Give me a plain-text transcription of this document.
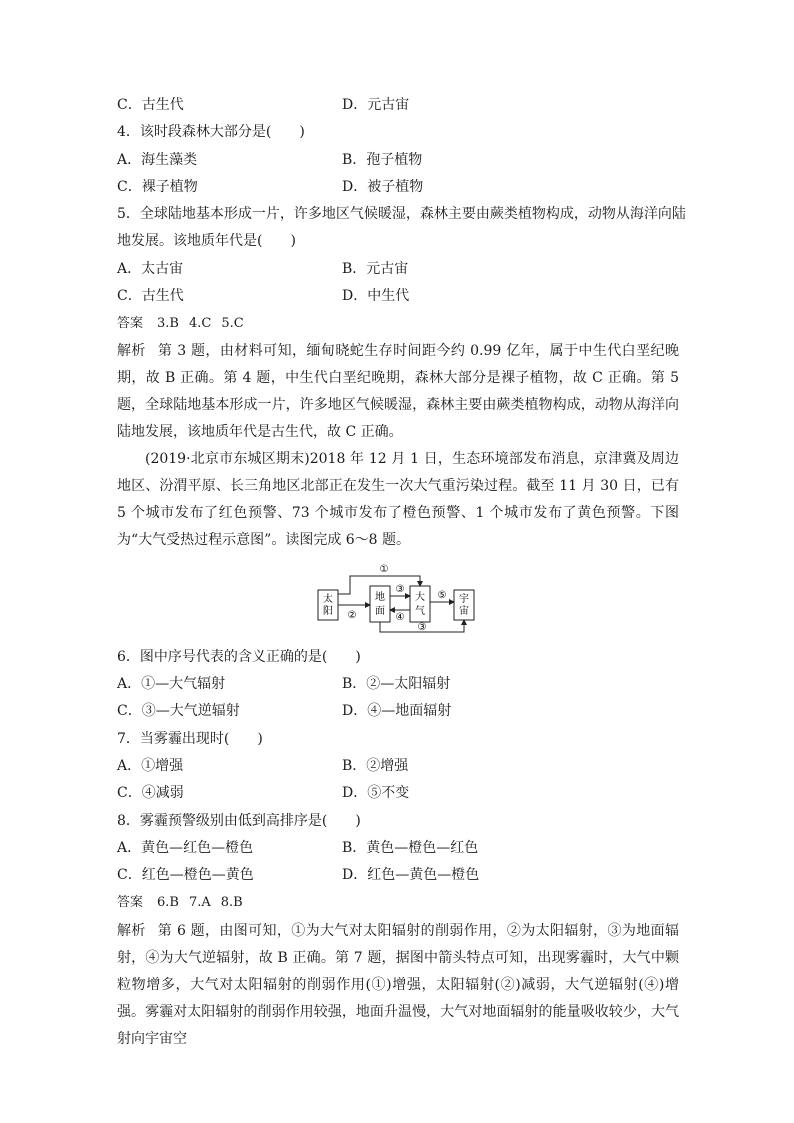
C．古生代	D．元古宙
4．该时段森林大部分是(　　)
A．海生藻类	B．孢子植物
C．裸子植物	D．被子植物
5．全球陆地基本形成一片，许多地区气候暖湿，森林主要由蕨类植物构成，动物从海洋向陆
地发展。该地质年代是(　　)
A．太古宙	B．元古宙
C．古生代	D．中生代
答案 3.B 4.C 5.C
解析 第 3 题，由材料可知，缅甸晓蛇生存时间距今约 0.99 亿年，属于中生代白垩纪晚期，故 B 正确。第 4 题，中生代白垩纪晚期，森林大部分是裸子植物，故 C 正确。第 5 题，全球陆地基本形成一片，许多地区气候暖湿，森林主要由蕨类植物构成，动物从海洋向陆地发展，该地质年代是古生代，故 C 正确。
(2019·北京市东城区期末)2018 年 12 月 1 日，生态环境部发布消息，京津冀及周边地区、汾渭平原、长三角地区北部正在发生一次大气重污染过程。截至 11 月 30 日，已有 5 个城市发布了红色预警、73 个城市发布了橙色预警、1 个城市发布了黄色预警。下图为“大气受热过程示意图”。读图完成 6～8 题。
太
阳
地
面
大
气
宇
宙
①
②
③
④
⑤
③
6．图中序号代表的含义正确的是(　　)
A．①—大气辐射	B．②—太阳辐射
C．③—大气逆辐射	D．④—地面辐射
7．当雾霾出现时(　　)
A．①增强	B．②增强
C．④减弱	D．⑤不变
8．雾霾预警级别由低到高排序是(　　)
A．黄色—红色—橙色	B．黄色—橙色—红色
C．红色—橙色—黄色	D．红色—黄色—橙色
答案 6.B 7.A 8.B
解析 第 6 题，由图可知，①为大气对太阳辐射的削弱作用，②为太阳辐射，③为地面辐射，④为大气逆辐射，故 B 正确。第 7 题，据图中箭头特点可知，出现雾霾时，大气中颗粒物增多，大气对太阳辐射的削弱作用(①)增强，太阳辐射(②)减弱，大气逆辐射(④)增强。雾霾对太阳辐射的削弱作用较强，地面升温慢，大气对地面辐射的能量吸收较少，大气射向宇宙空
